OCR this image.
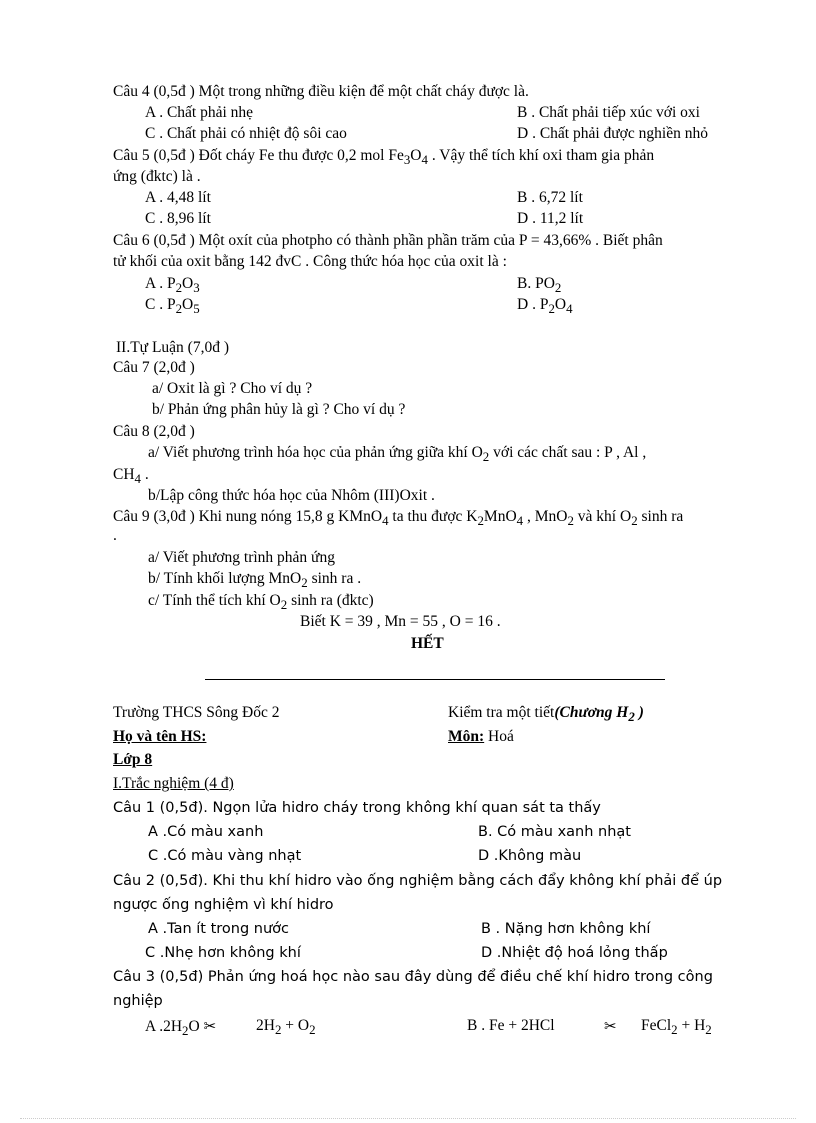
Câu 4 (0,5đ ) Một trong những điều kiện để một chất cháy được là.
A . Chất phải nhẹ	B . Chất phải tiếp xúc với oxi
C . Chất phải có nhiệt độ sôi cao	D . Chất phải được nghiền nhỏ
Câu 5 (0,5đ ) Đốt cháy Fe thu được 0,2 mol $Fe_3O_4$ . Vậy thể tích khí oxi tham gia phản
ứng (đktc) là .
A . 4,48 lít	B . 6,72 lít
C . 8,96 lít	D . 11,2 lít
Câu 6 (0,5đ ) Một oxít của photpho có thành phần phần trăm của P = 43,66% . Biết phân
tử khối của oxit bằng 142 đvC . Công thức hóa học của oxit là :
A . $P_2O_3$	B. $PO_2$
C . $P_2O_5$	D . $P_2O_4$
II.Tự Luận (7,0đ )
Câu 7 (2,0đ )
a/ Oxit là gì ? Cho ví dụ ?
b/ Phản ứng phân hủy là gì ? Cho ví dụ ?
Câu 8 (2,0đ )
a/ Viết phương trình hóa học của phản ứng giữa khí $O_2$ với các chất sau : P , Al ,
$CH_4$ .
b/Lập công thức hóa học của Nhôm (III)Oxit .
Câu 9 (3,0đ ) Khi nung nóng 15,8 g KMnO$_4$ ta thu được $K_2MnO_4$ , MnO$_2$ và khí $O_2$ sinh ra
.
a/ Viết phương trình phản ứng
b/ Tính khối lượng MnO$_2$ sinh ra .
c/ Tính thể tích khí $O_2$ sinh ra (đktc)
Biết K = 39 , Mn = 55 , O = 16 .
HẾT
Trường THCS Sông Đốc 2	Kiểm tra một tiết(Chương $H_2$ )
Họ và tên HS:	Môn: Hoá
Lớp 8
I.Trắc nghiệm (4 đ)
Câu 1 (0,5đ). Ngọn lửa hidro cháy trong không khí quan sát ta thấy
A .Có màu xanh	B. Có màu xanh nhạt
C .Có màu vàng nhạt	D .Không màu
Câu 2 (0,5đ). Khi thu khí hidro vào ống nghiệm bằng cách đẩy không khí phải để úp
ngược ống nghiệm vì khí hidro
A .Tan ít trong nước	B . Nặng hơn không khí
C .Nhẹ hơn không khí	D .Nhiệt độ hoá lỏng thấp
Câu 3 (0,5đ) Phản ứng hoá học nào sau đây dùng để điều chế khí hidro trong công
nghiệp
A $.2H_2O$ ✂	$2H_2 + O_2$	B . Fe + 2HCl	✂ FeCl$_2$ + $H_2$
